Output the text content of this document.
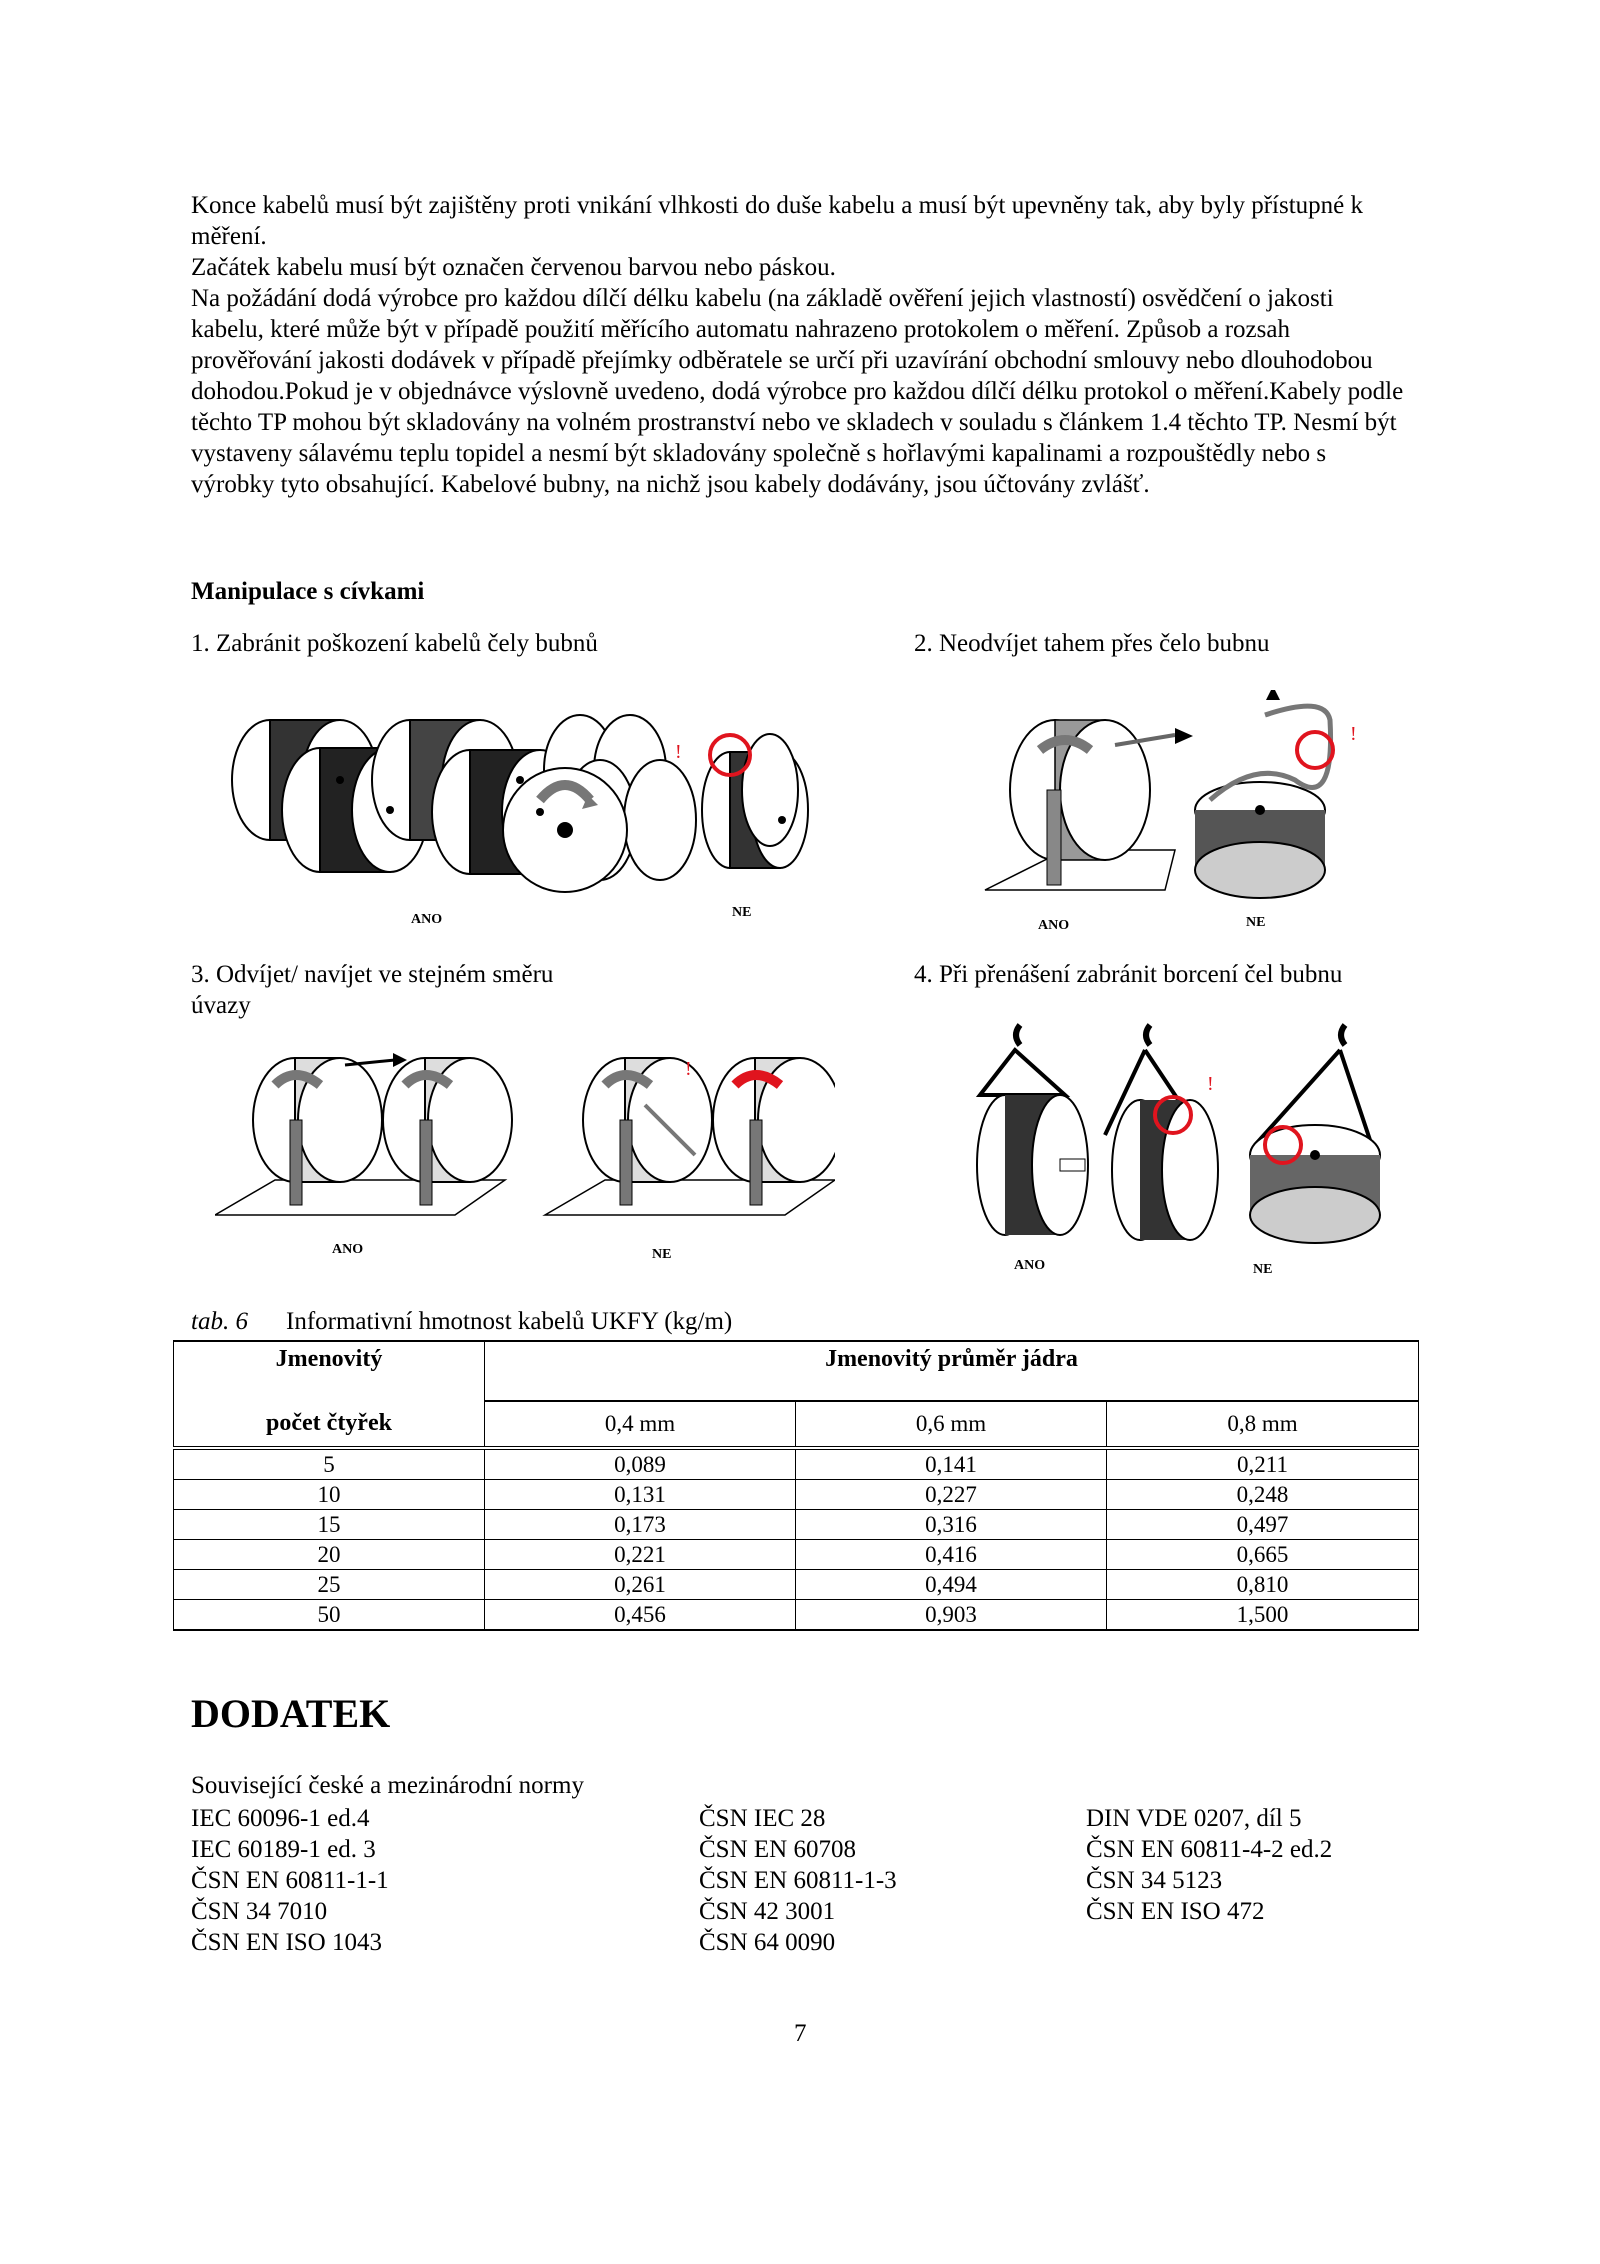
Konce kabelů musí být zajištěny proti vnikání vlhkosti do duše kabelu a musí být upevněny tak, aby byly přístupné k měření.

Začátek kabelu musí být označen červenou barvou nebo páskou.

Na požádání dodá výrobce pro každou dílčí délku kabelu (na základě ověření jejich vlastností) osvědčení o jakosti kabelu, které může být v případě použití měřícího automatu nahrazeno protokolem o měření. Způsob a rozsah prověřování jakosti dodávek v případě přejímky odběratele se určí při uzavírání obchodní smlouvy nebo dlouhodobou dohodou.Pokud je v objednávce výslovně uvedeno, dodá výrobce pro každou dílčí délku protokol o měření.Kabely podle těchto TP mohou být skladovány na volném prostranství nebo ve skladech v souladu s článkem 1.4 těchto TP. Nesmí být vystaveny sálavému teplu topidel a nesmí být skladovány společně s hořlavými kapalinami a rozpouštědly nebo s výrobky tyto obsahující. Kabelové bubny, na nichž jsou kabely dodávány, jsou účtovány zvlášť.

Manipulace s cívkami
1. Zabránit poškození kabelů čely bubnů	2. Neodvíjet tahem přes čelo bubnu
3. Odvíjet/ navíjet ve stejném směru
úvazy
4. Při přenášení zabránit borcení čel bubnu
!
ANO	NE
!
ANO	NE
!
ANO	NE
!
ANO	NE
tab. 6 Informativní hmotnost kabelů UKFY (kg/m)
Jmenovitý	Jmenovitý průměr jádra		
počet čtyřek	0,4 mm	0,6 mm	0,8 mm
5	0,089	0,141	0,211
10	0,131	0,227	0,248
15	0,173	0,316	0,497
20	0,221	0,416	0,665
25	0,261	0,494	0,810
50	0,456	0,903	1,500
DODATEK
Související české a mezinárodní normy
IEC 60096-1 ed.4
IEC 60189-1 ed. 3
ČSN EN 60811-1-1
ČSN 34 7010
ČSN EN ISO 1043
ČSN IEC 28
ČSN EN 60708
ČSN EN 60811-1-3
ČSN 42 3001
ČSN 64 0090
DIN VDE 0207, díl 5
ČSN EN 60811-4-2 ed.2
ČSN 34 5123
ČSN EN ISO 472
7
